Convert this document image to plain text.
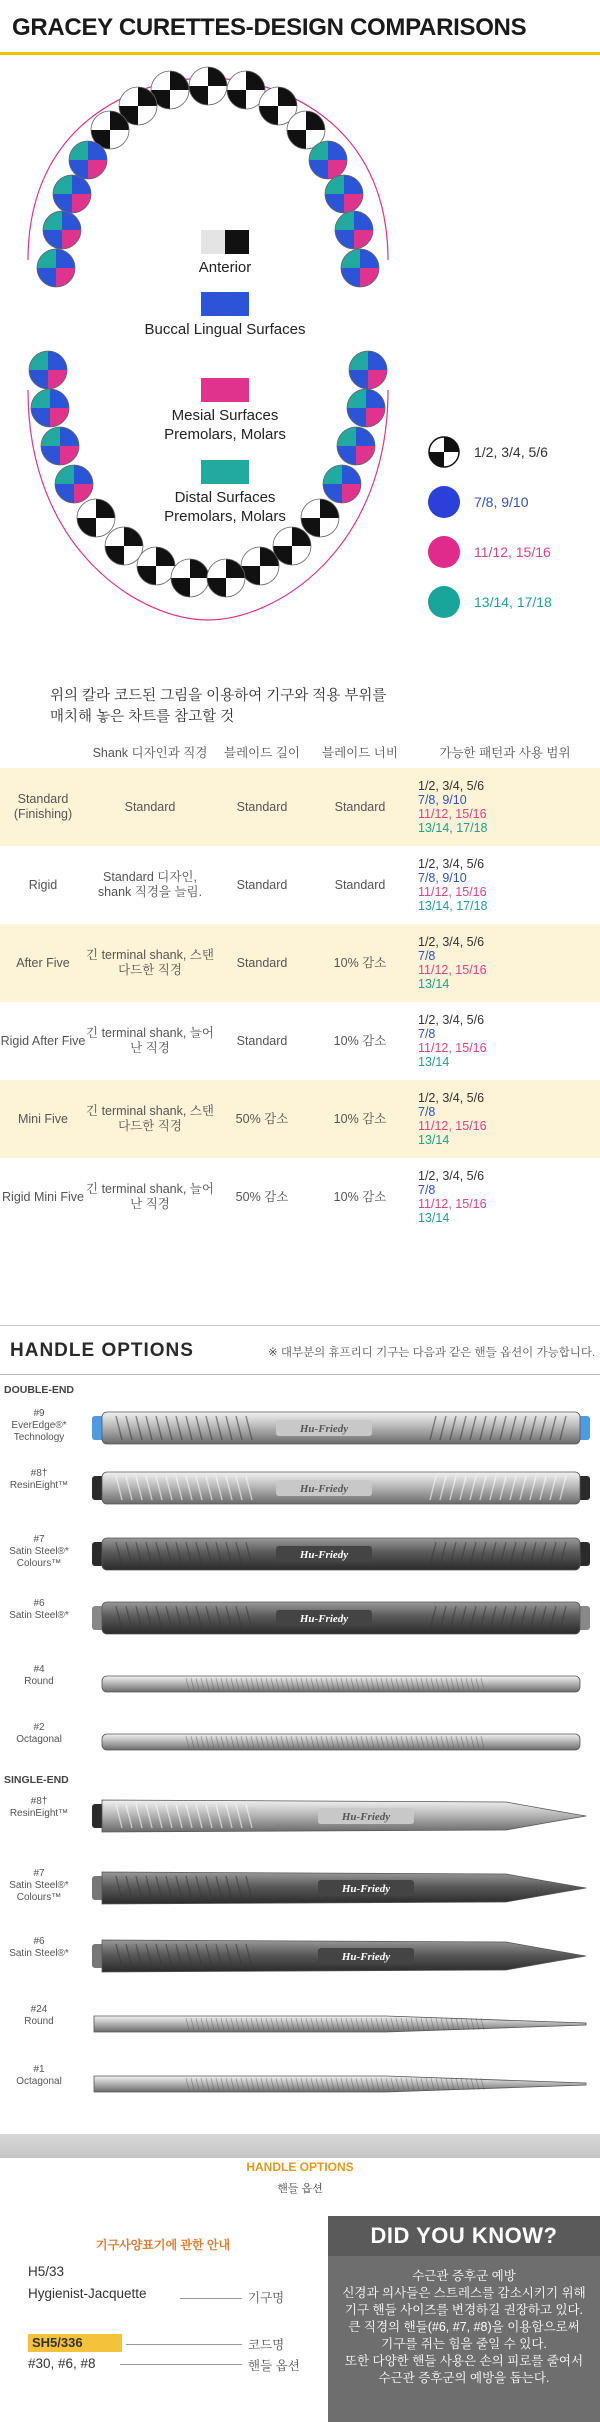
GRACEY CURETTES-DESIGN COMPARISONS
Anterior
Buccal Lingual Surfaces
Mesial Surfaces Premolars, Molars
Distal Surfaces Premolars, Molars
1/2, 3/4, 5/6
7/8, 9/10
11/12, 15/16
13/14, 17/18
위의 칼라 코드된 그림을 이용하여 기구와 적용 부위를
매치해 놓은 차트를 참고할 것
	Shank 디자인과 직경	블레이드 길이	블레이드 너비	가능한 패턴과 사용 범위
Standard (Finishing)	Standard	Standard	Standard	1/2, 3/4, 5/6
7/8, 9/10
11/12, 15/16
13/14, 17/18

Rigid	Standard 디자인, shank 직경을 늘림.	Standard	Standard	1/2, 3/4, 5/6
7/8, 9/10
11/12, 15/16
13/14, 17/18

After Five	긴 terminal shank, 스탠다드한 직경	Standard	10% 감소	1/2, 3/4, 5/6
7/8
11/12, 15/16
13/14

Rigid After Five	긴 terminal shank, 늘어난 직경	Standard	10% 감소	1/2, 3/4, 5/6
7/8
11/12, 15/16
13/14

Mini Five	긴 terminal shank, 스탠다드한 직경	50% 감소	10% 감소	1/2, 3/4, 5/6
7/8
11/12, 15/16
13/14

Rigid Mini Five	긴 terminal shank, 늘어난 직경	50% 감소	10% 감소	1/2, 3/4, 5/6
7/8
11/12, 15/16
13/14
HANDLE OPTIONS	※ 대부분의 휴프리디 기구는 다음과 같은 핸들 옵션이 가능합니다.
DOUBLE-END
SINGLE-END
#9
EverEdge®* Technology
Hu-Friedy
#8†
ResinEight™	Hu-Friedy
#7
Satin Steel®* Colours™
Hu-Friedy
#6
Satin Steel®*	Hu-Friedy
#4
Round
#2
Octagonal
#8†
ResinEight™	Hu-Friedy
#7
Satin Steel®* Colours™
Hu-Friedy
#6
Satin Steel®*	Hu-Friedy
#24
Round
#1
Octagonal
HANDLE OPTIONS
핸들 옵션
기구사양표기에 관한 안내
H5/33
Hygienist-Jacquette	기구명
SH5/336	코드명
#30, #6, #8	핸들 옵션
DID YOU KNOW?
수근관 증후군 예방
신경과 의사들은 스트레스를 감소시키기 위해
기구 핸들 사이즈를 변경하길 권장하고 있다.
큰 직경의 핸들(#6, #7, #8)을 이용함으로써
기구를 쥐는 힘을 줄일 수 있다.
또한 다양한 핸들 사용은 손의 피로를 줄여서
수근관 증후군의 예방을 돕는다.
